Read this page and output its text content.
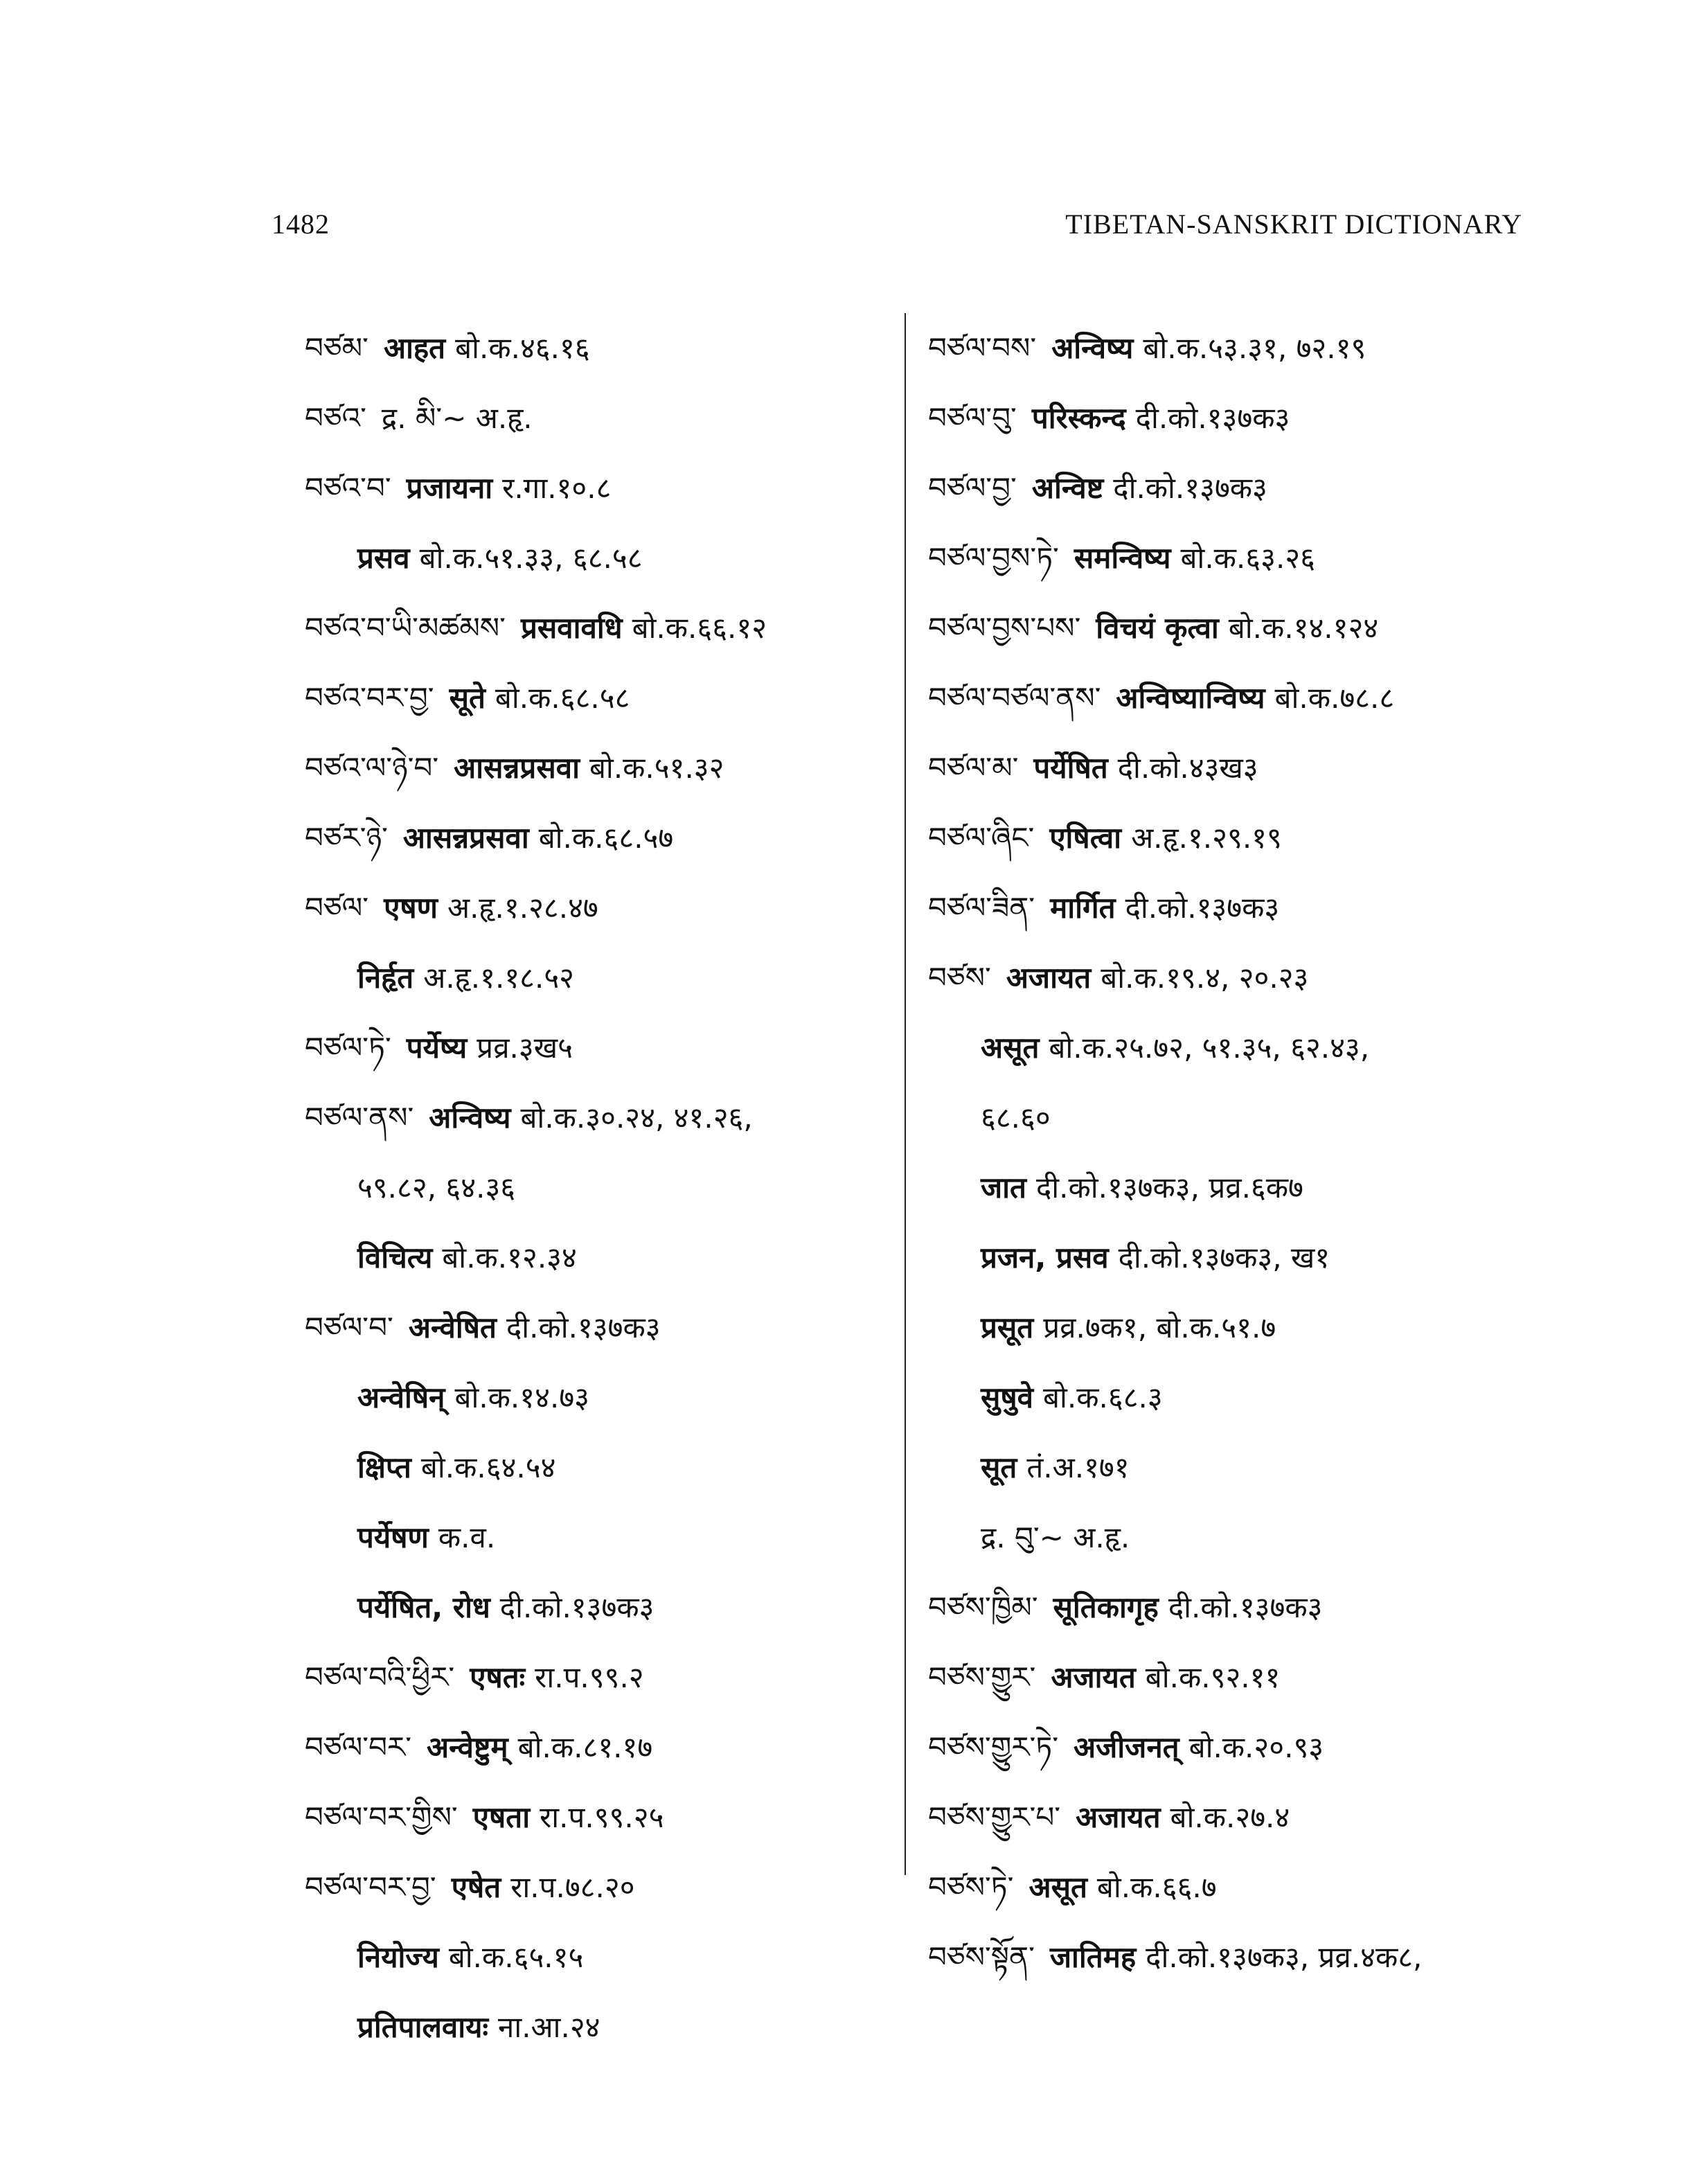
1482	TIBETAN-SANSKRIT DICTIONARY
བཙམ་ आहत बो.क.४६.१६
བཙའ་ द्र. མི་~ अ.हृ.
བཙའ་བ་ प्रजायना र.गा.१०.८
प्रसव बो.क.५१.३३, ६८.५८
བཙའ་བ་ཡི་མཚམས་ प्रसवावधि बो.क.६६.१२
བཙའ་བར་བྱ་ सूते बो.क.६८.५८
བཙའ་ལ་ཉེ་བ་ आसन्नप्रसवा बो.क.५१.३२
བཙར་ཉེ་ आसन्नप्रसवा बो.क.६८.५७
བཙལ་ एषण अ.हृ.१.२८.४७
निर्हृत अ.हृ.१.१८.५२
བཙལ་ཏེ་ पर्येष्य प्रव्र.३ख५
བཙལ་ནས་ अन्विष्य बो.क.३०.२४, ४१.२६,
५९.८२, ६४.३६
विचित्य बो.क.१२.३४
བཙལ་བ་ अन्वेषित दी.को.१३७क३
अन्वेषिन् बो.क.१४.७३
क्षिप्त बो.क.६४.५४
पर्येषण क.व.
पर्येषित, रोध दी.को.१३७क३
བཙལ་བའི་ཕྱིར་ एषतः रा.प.९९.२
བཙལ་བར་ अन्वेष्टुम् बो.क.८१.१७
བཙལ་བར་གྱིས་ एषता रा.प.९९.२५
བཙལ་བར་བྱ་ एषेत रा.प.७८.२०
नियोज्य बो.क.६५.१५
प्रतिपालवायः ना.आ.२४
བཙལ་བས་ अन्विष्य बो.क.५३.३१, ७२.१९
བཙལ་བུ་ परिस्कन्द दी.को.१३७क३
བཙལ་བྱ་ अन्विष्ट दी.को.१३७क३
བཙལ་བྱས་ཏེ་ समन्विष्य बो.क.६३.२६
བཙལ་བྱས་པས་ विचयं कृत्वा बो.क.१४.१२४
བཙལ་བཙལ་ནས་ अन्विष्यान्विष्य बो.क.७८.८
བཙལ་མ་ पर्येषित दी.को.४३ख३
བཙལ་ཞིང་ एषित्वा अ.हृ.१.२९.१९
བཙལ་ཟིན་ मार्गित दी.को.१३७क३
བཙས་ अजायत बो.क.१९.४, २०.२३
असूत बो.क.२५.७२, ५१.३५, ६२.४३,
६८.६०
जात दी.को.१३७क३, प्रव्र.६क७
प्रजन, प्रसव दी.को.१३७क३, ख१
प्रसूत प्रव्र.७क१, बो.क.५१.७
सुषुवे बो.क.६८.३
सूत तं.अ.१७१
द्र. བུ་~ अ.हृ.
བཙས་ཁྱིམ་ सूतिकागृह दी.को.१३७क३
བཙས་གྱུར་ अजायत बो.क.९२.११
བཙས་གྱུར་ཏེ་ अजीजनत् बो.क.२०.९३
བཙས་གྱུར་པ་ अजायत बो.क.२७.४
བཙས་ཏེ་ असूत बो.क.६६.७
བཙས་སྟོན་ जातिमह दी.को.१३७क३, प्रव्र.४क८,
